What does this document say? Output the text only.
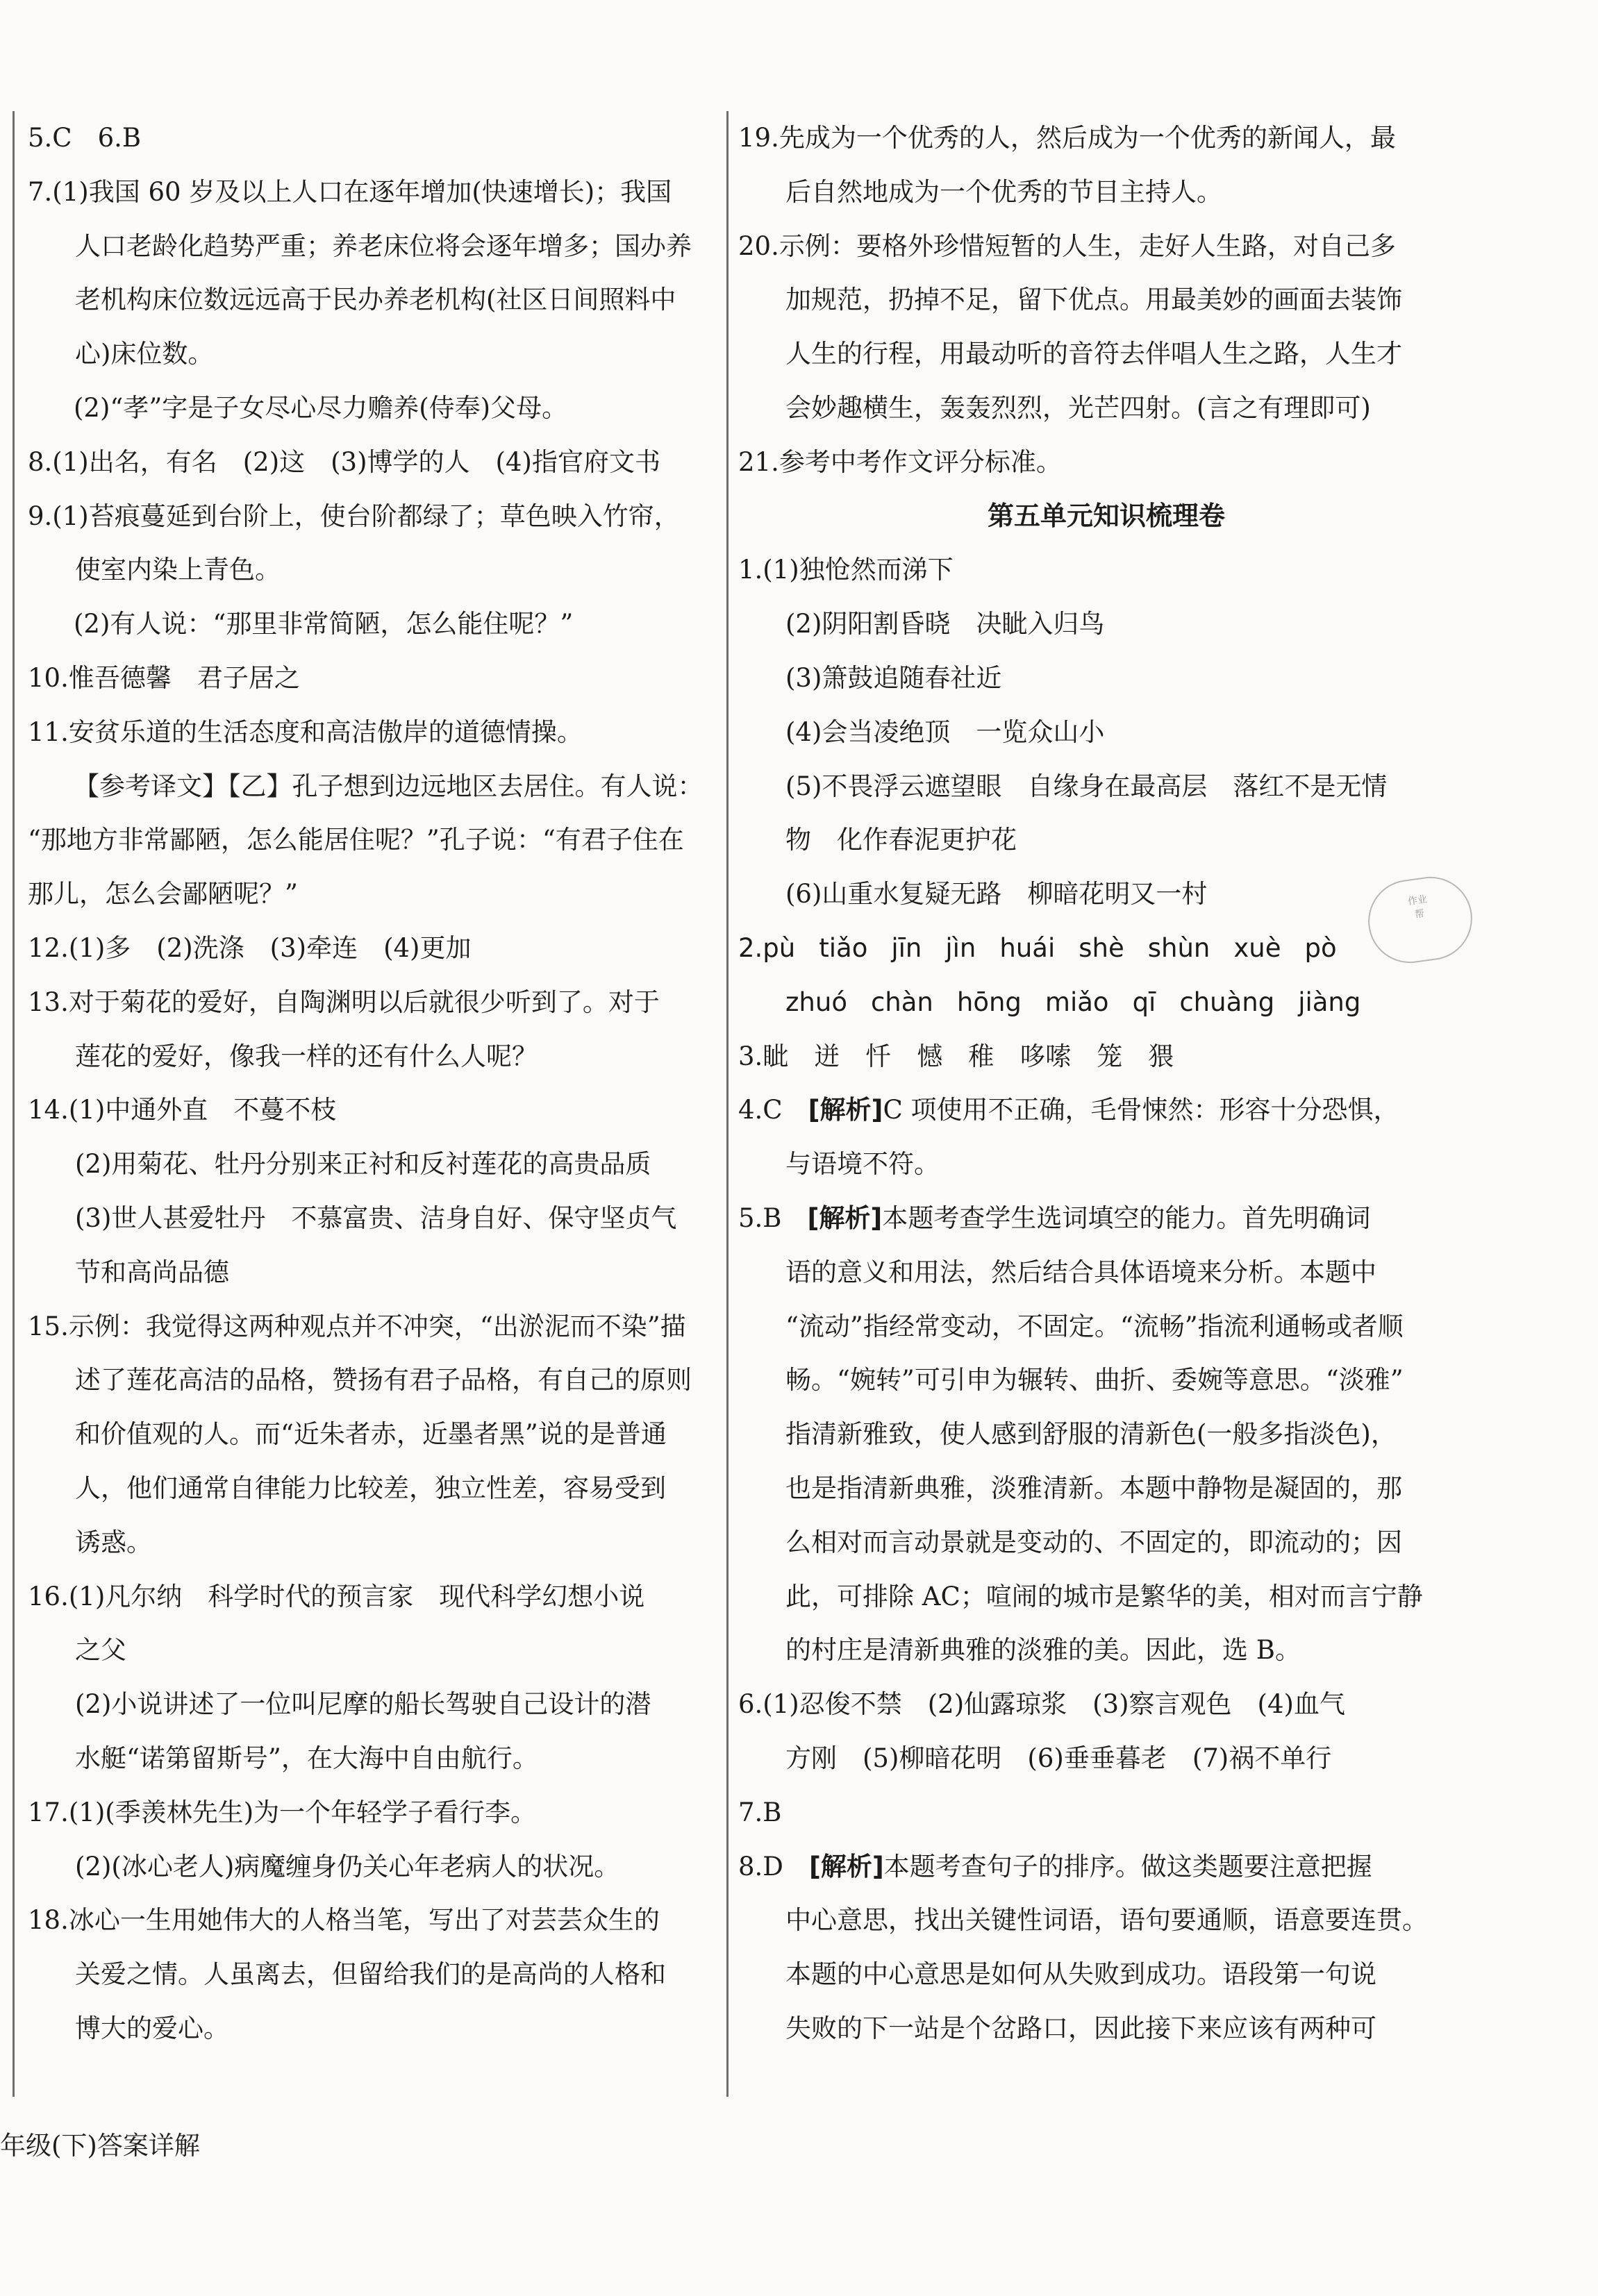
5.C　6.B
7.(1)我国 60 岁及以上人口在逐年增加(快速增长)；我国
人口老龄化趋势严重；养老床位将会逐年增多；国办养
老机构床位数远远高于民办养老机构(社区日间照料中
心)床位数。
(2)“孝”字是子女尽心尽力赡养(侍奉)父母。
8.(1)出名，有名　(2)这　(3)博学的人　(4)指官府文书
9.(1)苔痕蔓延到台阶上，使台阶都绿了；草色映入竹帘，
使室内染上青色。
(2)有人说：“那里非常简陋，怎么能住呢？”
10.惟吾德馨　君子居之
11.安贫乐道的生活态度和高洁傲岸的道德情操。
【参考译文】【乙】孔子想到边远地区去居住。有人说：
“那地方非常鄙陋，怎么能居住呢？”孔子说：“有君子住在
那儿，怎么会鄙陋呢？”
12.(1)多　(2)洗涤　(3)牵连　(4)更加
13.对于菊花的爱好，自陶渊明以后就很少听到了。对于
莲花的爱好，像我一样的还有什么人呢？
14.(1)中通外直　不蔓不枝
(2)用菊花、牡丹分别来正衬和反衬莲花的高贵品质
(3)世人甚爱牡丹　不慕富贵、洁身自好、保守坚贞气
节和高尚品德
15.示例：我觉得这两种观点并不冲突，“出淤泥而不染”描
述了莲花高洁的品格，赞扬有君子品格，有自己的原则
和价值观的人。而“近朱者赤，近墨者黑”说的是普通
人，他们通常自律能力比较差，独立性差，容易受到
诱惑。
16.(1)凡尔纳　科学时代的预言家　现代科学幻想小说
之父
(2)小说讲述了一位叫尼摩的船长驾驶自己设计的潜
水艇“诺第留斯号”，在大海中自由航行。
17.(1)(季羡林先生)为一个年轻学子看行李。
(2)(冰心老人)病魔缠身仍关心年老病人的状况。
18.冰心一生用她伟大的人格当笔，写出了对芸芸众生的
关爱之情。人虽离去，但留给我们的是高尚的人格和
博大的爱心。
19.先成为一个优秀的人，然后成为一个优秀的新闻人，最
后自然地成为一个优秀的节目主持人。
20.示例：要格外珍惜短暂的人生，走好人生路，对自己多
加规范，扔掉不足，留下优点。用最美妙的画面去装饰
人生的行程，用最动听的音符去伴唱人生之路，人生才
会妙趣横生，轰轰烈烈，光芒四射。(言之有理即可)
21.参考中考作文评分标准。
第五单元知识梳理卷
1.(1)独怆然而涕下
(2)阴阳割昏晓　决眦入归鸟
(3)箫鼓追随春社近
(4)会当凌绝顶　一览众山小
(5)不畏浮云遮望眼　自缘身在最高层　落红不是无情
物　化作春泥更护花
(6)山重水复疑无路　柳暗花明又一村
2.pù tiǎo jīn jìn huái shè shùn xuè pò
zhuó chàn hōng miǎo qī chuàng jiàng
3.眦　迸　忏　憾　稚　哆嗦　笼　猥
4.C　[解析]C 项使用不正确，毛骨悚然：形容十分恐惧，
与语境不符。
5.B　[解析]本题考查学生选词填空的能力。首先明确词
语的意义和用法，然后结合具体语境来分析。本题中
“流动”指经常变动，不固定。“流畅”指流利通畅或者顺
畅。“婉转”可引申为辗转、曲折、委婉等意思。“淡雅”
指清新雅致，使人感到舒服的清新色(一般多指淡色)，
也是指清新典雅，淡雅清新。本题中静物是凝固的，那
么相对而言动景就是变动的、不固定的，即流动的；因
此，可排除 AC；喧闹的城市是繁华的美，相对而言宁静
的村庄是清新典雅的淡雅的美。因此，选 B。
6.(1)忍俊不禁　(2)仙露琼浆　(3)察言观色　(4)血气
方刚　(5)柳暗花明　(6)垂垂暮老　(7)祸不单行
7.B
8.D　[解析]本题考查句子的排序。做这类题要注意把握
中心意思，找出关键性词语，语句要通顺，语意要连贯。
本题的中心意思是如何从失败到成功。语段第一句说
失败的下一站是个岔路口，因此接下来应该有两种可
作业
帮
年级(下)答案详解
